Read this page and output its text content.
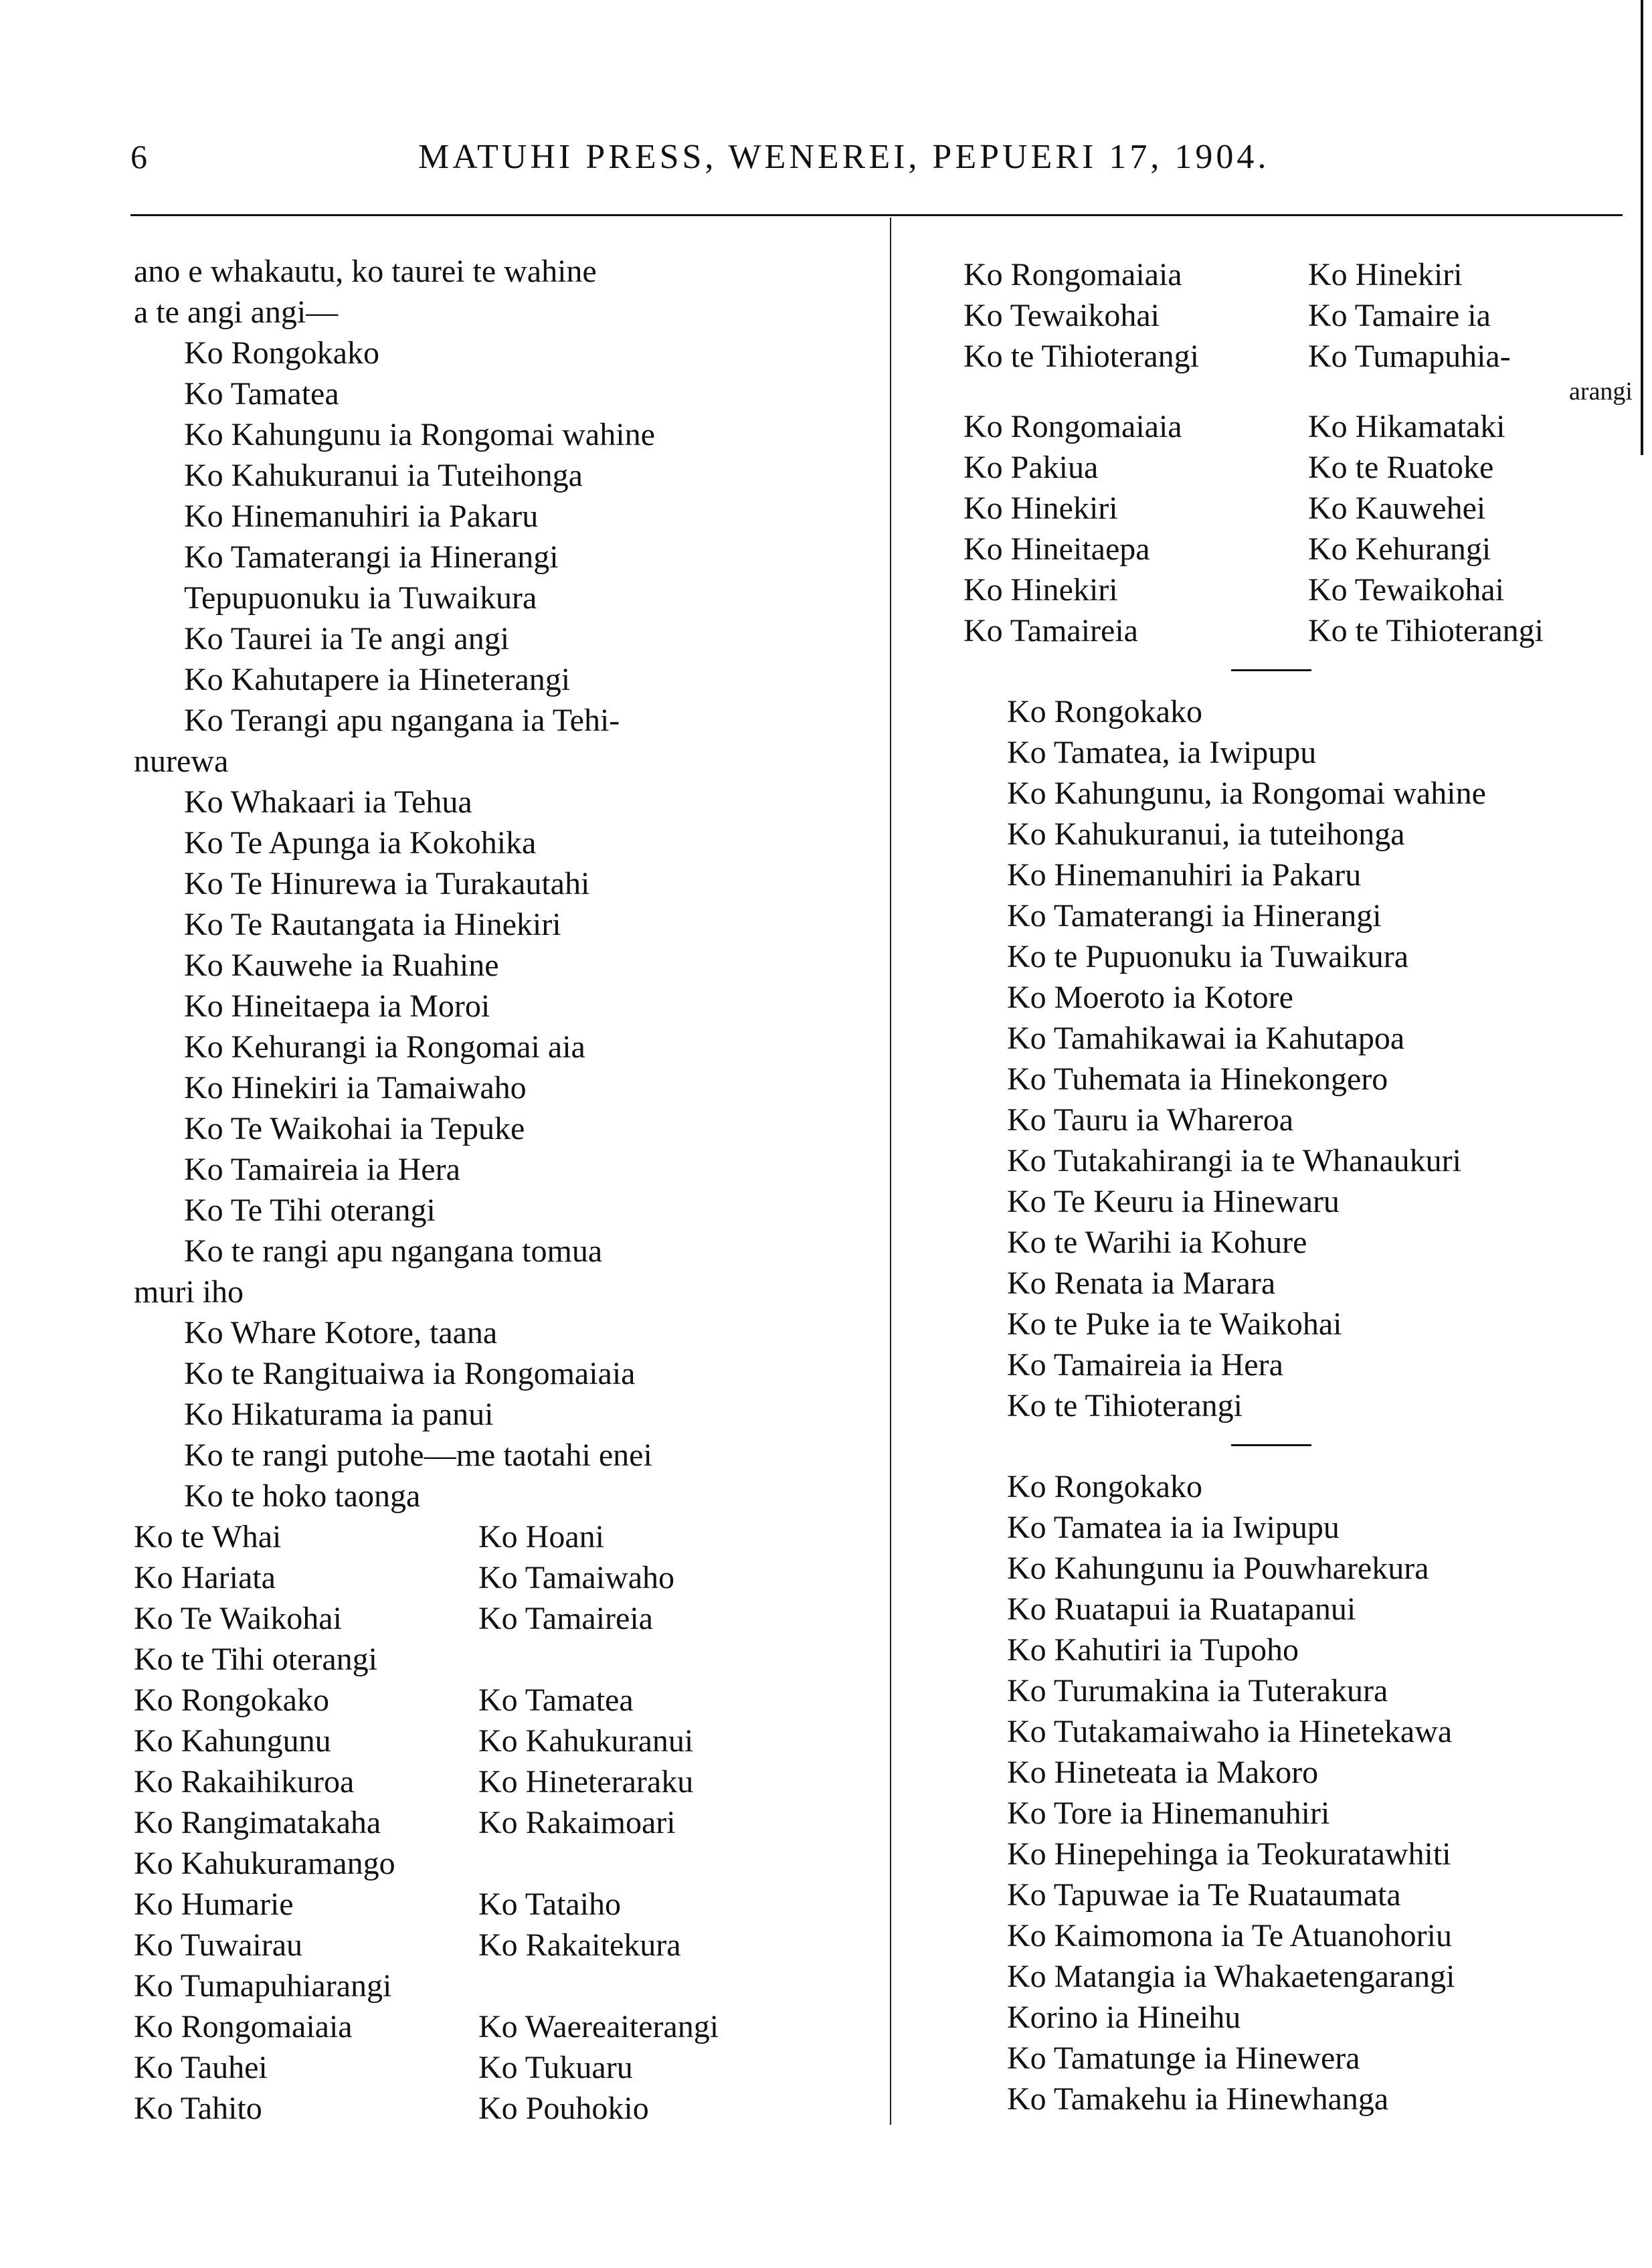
6	MATUHI PRESS, WENEREI, PEPUERI 17, 1904.
ano e whakautu, ko taurei te wahine
a te angi angi—
Ko Rongokako
Ko Tamatea
Ko Kahungunu ia Rongomai wahine
Ko Kahukuranui ia Tuteihonga
Ko Hinemanuhiri ia Pakaru
Ko Tamaterangi ia Hinerangi
Tepupuonuku ia Tuwaikura
Ko Taurei ia Te angi angi
Ko Kahutapere ia Hineterangi
Ko Terangi apu ngangana ia Tehi-
nurewa
Ko Whakaari ia Tehua
Ko Te Apunga ia Kokohika
Ko Te Hinurewa ia Turakautahi
Ko Te Rautangata ia Hinekiri
Ko Kauwehe ia Ruahine
Ko Hineitaepa ia Moroi
Ko Kehurangi ia Rongomai aia
Ko Hinekiri ia Tamaiwaho
Ko Te Waikohai ia Tepuke
Ko Tamaireia ia Hera
Ko Te Tihi oterangi
Ko te rangi apu ngangana tomua
muri iho
Ko Whare Kotore, taana
Ko te Rangituaiwa ia Rongomaiaia
Ko Hikaturama ia panui
Ko te rangi putohe—me taotahi enei
Ko te hoko taonga
Ko te Whai	Ko Hoani
Ko Hariata	Ko Tamaiwaho
Ko Te Waikohai	Ko Tamaireia
Ko te Tihi oterangi
Ko Rongokako	Ko Tamatea
Ko Kahungunu	Ko Kahukuranui
Ko Rakaihikuroa	Ko Hineteraraku
Ko Rangimatakaha	Ko Rakaimoari
Ko Kahukuramango
Ko Humarie	Ko Tataiho
Ko Tuwairau	Ko Rakaitekura
Ko Tumapuhiarangi
Ko Rongomaiaia	Ko Waereaiterangi
Ko Tauhei	Ko Tukuaru
Ko Tahito	Ko Pouhokio
Ko Rongomaiaia	Ko Hinekiri
Ko Tewaikohai	Ko Tamaire ia
Ko te Tihioterangi	Ko Tumapuhia-
arangi
Ko Rongomaiaia	Ko Hikamataki
Ko Pakiua	Ko te Ruatoke
Ko Hinekiri	Ko Kauwehei
Ko Hineitaepa	Ko Kehurangi
Ko Hinekiri	Ko Tewaikohai
Ko Tamaireia	Ko te Tihioterangi
Ko Rongokako
Ko Tamatea, ia Iwipupu
Ko Kahungunu, ia Rongomai wahine
Ko Kahukuranui, ia tuteihonga
Ko Hinemanuhiri ia Pakaru
Ko Tamaterangi ia Hinerangi
Ko te Pupuonuku ia Tuwaikura
Ko Moeroto ia Kotore
Ko Tamahikawai ia Kahutapoa
Ko Tuhemata ia Hinekongero
Ko Tauru ia Whareroa
Ko Tutakahirangi ia te Whanaukuri
Ko Te Keuru ia Hinewaru
Ko te Warihi ia Kohure
Ko Renata ia Marara
Ko te Puke ia te Waikohai
Ko Tamaireia ia Hera
Ko te Tihioterangi
Ko Rongokako
Ko Tamatea ia ia Iwipupu
Ko Kahungunu ia Pouwharekura
Ko Ruatapui ia Ruatapanui
Ko Kahutiri ia Tupoho
Ko Turumakina ia Tuterakura
Ko Tutakamaiwaho ia Hinetekawa
Ko Hineteata ia Makoro
Ko Tore ia Hinemanuhiri
Ko Hinepehinga ia Teokuratawhiti
Ko Tapuwae ia Te Ruataumata
Ko Kaimomona ia Te Atuanohoriu
Ko Matangia ia Whakaetengarangi
Korino ia Hineihu
Ko Tamatunge ia Hinewera
Ko Tamakehu ia Hinewhanga
